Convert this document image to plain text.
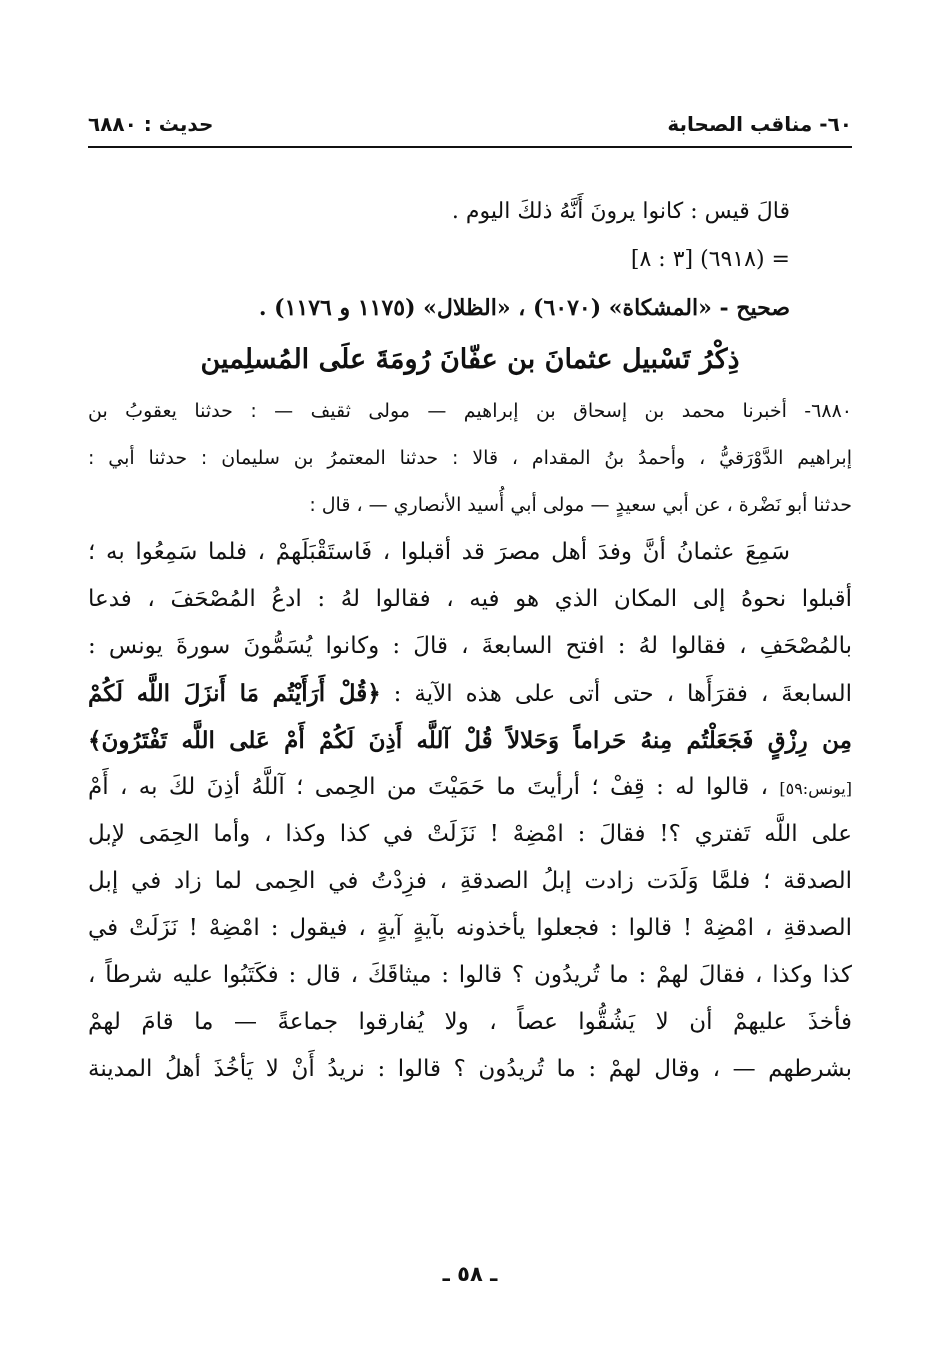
٦٠- مناقب الصحابة
حديث : ٦٨٨٠
قالَ قيس : كانوا يرونَ أَنَّهُ ذلكَ اليوم .
= (٦٩١٨) [٣ : ٨]
صحيح - «المشكاة» (٦٠٧٠) ، «الظلال» (١١٧٥ و ١١٧٦) .
ذِكْرُ تَسْبيل عثمانَ بن عفّانَ رُومَةَ علَى المُسلِمين
٦٨٨٠- أخبرنا محمد بن إسحاق بن إبراهيم — مولى ثقيف — : حدثنا يعقوبُ بن
إبراهيم الدَّوْرَقيُّ ، وأحمدُ بنُ المقدام ، قالا : حدثنا المعتمرُ بن سليمان : حدثنا أبي :
حدثنا أبو نَضْرة ، عن أبي سعيدٍ — مولى أبي أُسيد الأنصاري — ، قال :
سَمِعَ عثمانُ أنَّ وفدَ أهل مصرَ قد أقبلوا ، فَاستَقْبَلَهمْ ، فلما سَمِعُوا به ؛
أقبلوا نحوهُ إلى المكان الذي هو فيه ، فقالوا لهُ : ادعُ المُصْحَفَ ، فدعا
بالمُصْحَفِ ، فقالوا لهُ : افتح السابعةَ ، قالَ : وكانوا يُسَمُّونَ سورةَ يونس :
السابعةَ ، فقرَأَها ، حتى أتى على هذه الآية : ﴿قُلْ أَرَأَيْتُم مَا أَنزَلَ اللَّه لَكُمْ
مِن رِزْقٍ فَجَعَلْتُم مِنهُ حَراماً وَحَلالاً قُلْ آللَّه أَذِنَ لَكُمْ أَمْ عَلى اللَّه تَفْتَرُونَ﴾
[يونس:٥٩] ، قالوا له : قِفْ ؛ أرأيتَ ما حَمَيْتَ من الحِمى ؛ آللَّهُ أذِنَ لكَ به ، أَمْ
على اللَّه تَفتري ؟! فقالَ : امْضِهْ ! نَزَلَتْ في كذا وكذا ، وأما الحِمَى لإبل
الصدقة ؛ فلمَّا وَلَدَت زادت إبلُ الصدقةِ ، فزِدْتُ في الحِمى لما زاد في إبل
الصدقةِ ، امْضِهْ ! قالوا : فجعلوا يأخذونه بآيةٍ آيةٍ ، فيقول : امْضِهْ ! نَزَلَتْ في
كذا وكذا ، فقالَ لهمْ : ما تُريدُون ؟ قالوا : ميثاقَكَ ، قال : فكَتَبُوا عليه شرطاً ،
فأخذَ عليهمْ أن لا يَشُقُّوا عصاً ، ولا يُفارقوا جماعةً — ما قامَ لهمْ
بشرطهم — ، وقال لهمْ : ما تُريدُون ؟ قالوا : نريدُ أَنْ لا يَأخُذَ أهلُ المدينة
ـ ٥٨ ـ
